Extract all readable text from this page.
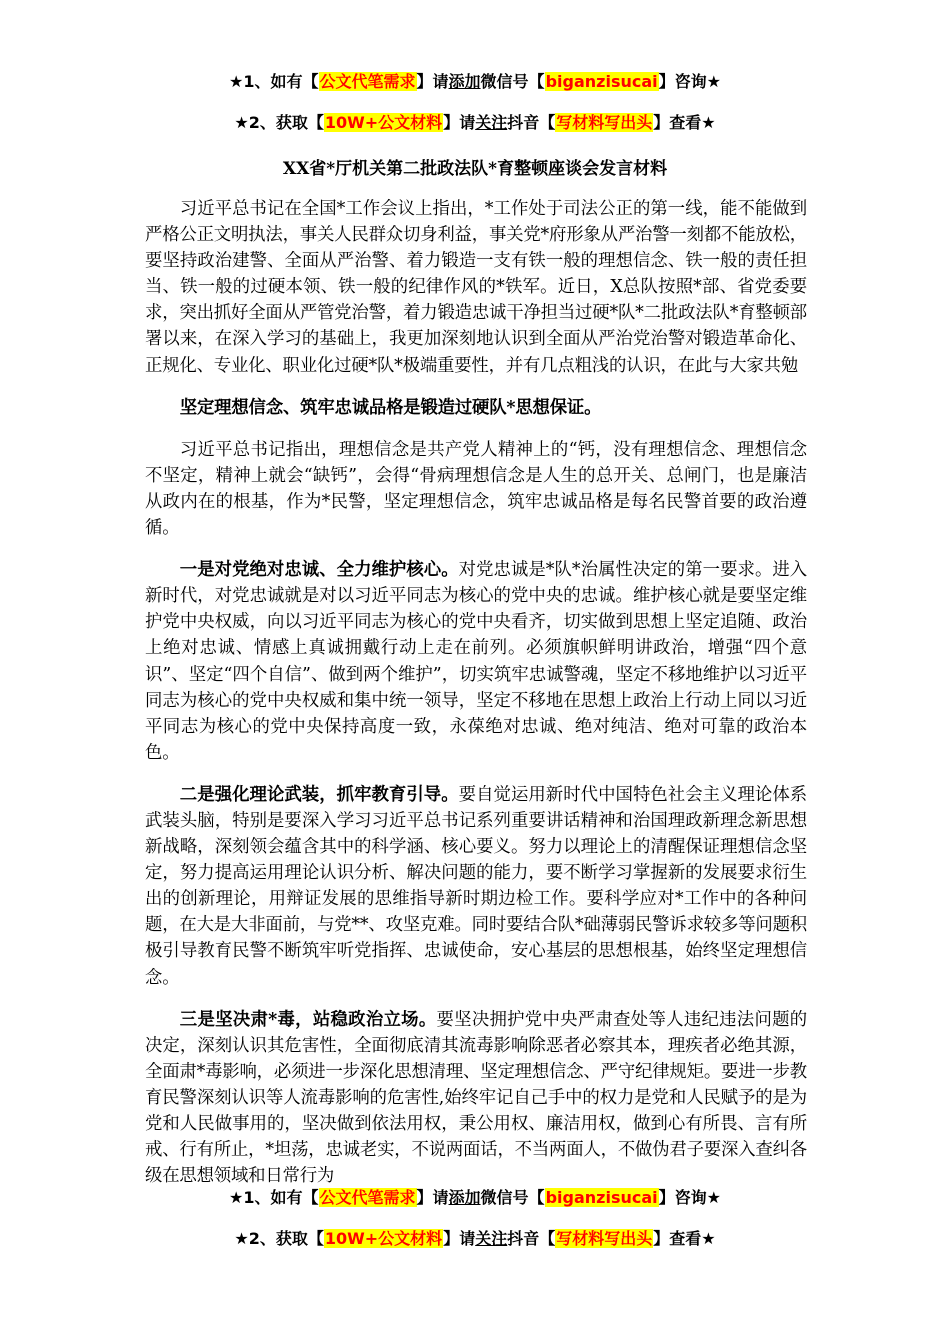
★1、如有【公文代笔需求】请添加微信号【biganzisucai】咨询★
★2、获取【10W+公文材料】请关注抖音【写材料写出头】查看★
XX省*厅机关第二批政法队*育整顿座谈会发言材料

习近平总书记在全国*工作会议上指出，*工作处于司法公正的第一线，能不能做到严格公正文明执法，事关人民群众切身利益，事关党*府形象从严治警一刻都不能放松，要坚持政治建警、全面从严治警、着力锻造一支有铁一般的理想信念、铁一般的责任担当、铁一般的过硬本领、铁一般的纪律作风的*铁军。近日，X总队按照*部、省党委要求，突出抓好全面从严管党治警，着力锻造忠诚干净担当过硬*队*二批政法队*育整顿部署以来，在深入学习的基础上，我更加深刻地认识到全面从严治党治警对锻造革命化、正规化、专业化、职业化过硬*队*极端重要性，并有几点粗浅的认识，在此与大家共勉

坚定理想信念、筑牢忠诚品格是锻造过硬队*思想保证。

习近平总书记指出，理想信念是共产党人精神上的“钙，没有理想信念、理想信念不坚定，精神上就会“缺钙”，会得“骨病理想信念是人生的总开关、总闸门，也是廉洁从政内在的根基，作为*民警，坚定理想信念，筑牢忠诚品格是每名民警首要的政治遵循。

一是对党绝对忠诚、全力维护核心。对党忠诚是*队*治属性决定的第一要求。进入新时代，对党忠诚就是对以习近平同志为核心的党中央的忠诚。维护核心就是要坚定维护党中央权威，向以习近平同志为核心的党中央看齐，切实做到思想上坚定追随、政治上绝对忠诚、情感上真诚拥戴行动上走在前列。必须旗帜鲜明讲政治，增强“四个意识”、坚定“四个自信”、做到两个维护”，切实筑牢忠诚警魂，坚定不移地维护以习近平同志为核心的党中央权威和集中统一领导，坚定不移地在思想上政治上行动上同以习近平同志为核心的党中央保持高度一致，永葆绝对忠诚、绝对纯洁、绝对可靠的政治本色。

二是强化理论武装，抓牢教育引导。要自觉运用新时代中国特色社会主义理论体系武装头脑，特别是要深入学习习近平总书记系列重要讲话精神和治国理政新理念新思想新战略，深刻领会蕴含其中的科学涵、核心要义。努力以理论上的清醒保证理想信念坚定，努力提高运用理论认识分析、解决问题的能力，要不断学习掌握新的发展要求衍生出的创新理论，用辩证发展的思维指导新时期边检工作。要科学应对*工作中的各种问题，在大是大非面前，与党**、攻坚克难。同时要结合队*础薄弱民警诉求较多等问题积极引导教育民警不断筑牢听党指挥、忠诚使命，安心基层的思想根基，始终坚定理想信念。

三是坚决肃*毒，站稳政治立场。要坚决拥护党中央严肃查处等人违纪违法问题的决定，深刻认识其危害性，全面彻底清其流毒影响除恶者必察其本，理疾者必绝其源，全面肃*毒影响，必须进一步深化思想清理、坚定理想信念、严守纪律规矩。要进一步教育民警深刻认识等人流毒影响的危害性,始终牢记自己手中的权力是党和人民赋予的是为党和人民做事用的，坚决做到依法用权，秉公用权、廉洁用权，做到心有所畏、言有所戒、行有所止，*坦荡，忠诚老实，不说两面话，不当两面人，不做伪君子要深入查纠各级在思想领域和日常行为

★1、如有【公文代笔需求】请添加微信号【biganzisucai】咨询★
★2、获取【10W+公文材料】请关注抖音【写材料写出头】查看★
